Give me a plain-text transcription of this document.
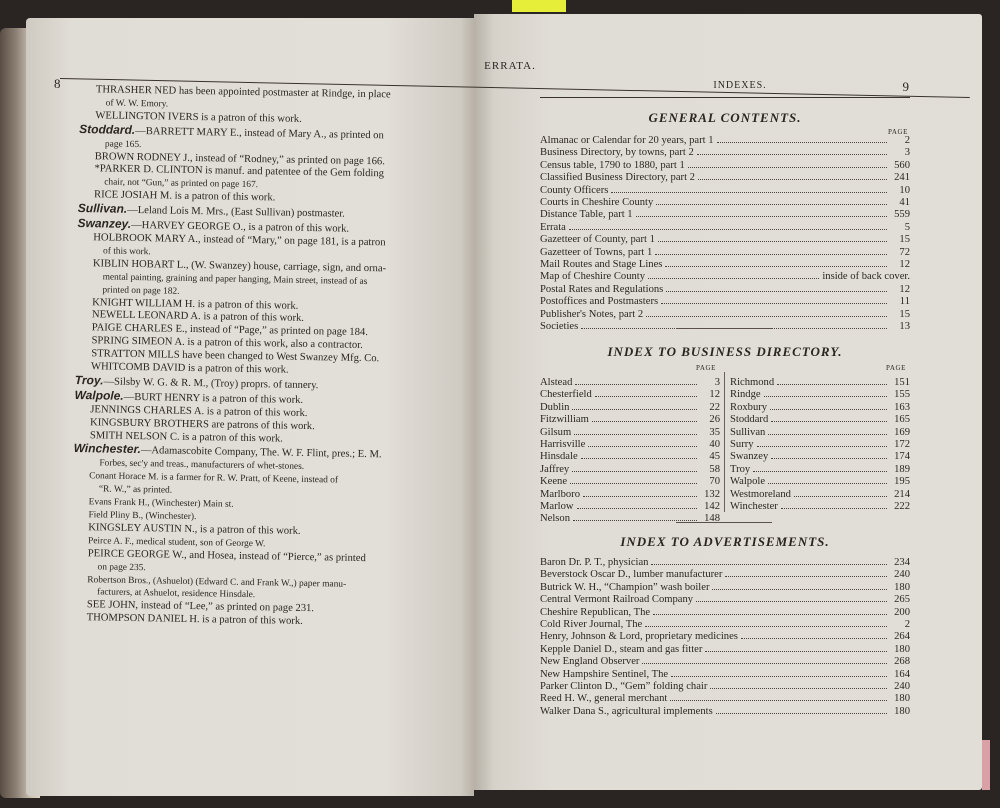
8
ERRATA.
THRASHER NED has been appointed postmaster at Rindge, in place
of W. W. Emory.
WELLINGTON IVERS is a patron of this work.
Stoddard.—BARRETT MARY E., instead of Mary A., as printed on
page 165.
BROWN RODNEY J., instead of “Rodney,” as printed on page 166.
*PARKER D. CLINTON is manuf. and patentee of the Gem folding
chair, not “Gun,” as printed on page 167.
RICE JOSIAH M. is a patron of this work.
Sullivan.—Leland Lois M. Mrs., (East Sullivan) postmaster.
Swanzey.—HARVEY GEORGE O., is a patron of this work.
HOLBROOK MARY A., instead of “Mary,” on page 181, is a patron
of this work.
KIBLIN HOBART L., (W. Swanzey) house, carriage, sign, and orna-
mental painting, graining and paper hanging, Main street, instead of as
printed on page 182.
KNIGHT WILLIAM H. is a patron of this work.
NEWELL LEONARD A. is a patron of this work.
PAIGE CHARLES E., instead of “Page,” as printed on page 184.
SPRING SIMEON A. is a patron of this work, also a contractor.
STRATTON MILLS have been changed to West Swanzey Mfg. Co.
WHITCOMB DAVID is a patron of this work.
Troy.—Silsby W. G. & R. M., (Troy) proprs. of tannery.
Walpole.—BURT HENRY is a patron of this work.
JENNINGS CHARLES A. is a patron of this work.
KINGSBURY BROTHERS are patrons of this work.
SMITH NELSON C. is a patron of this work.
Winchester.—Adamascobite Company, The. W. F. Flint, pres.; E. M.
Forbes, sec'y and treas., manufacturers of whet-stones.
Conant Horace M. is a farmer for R. W. Pratt, of Keene, instead of
“R. W.,” as printed.
Evans Frank H., (Winchester) Main st.
Field Pliny B., (Winchester).
KINGSLEY AUSTIN N., is a patron of this work.
Peirce A. F., medical student, son of George W.
PEIRCE GEORGE W., and Hosea, instead of “Pierce,” as printed
on page 235.
Robertson Bros., (Ashuelot) (Edward C. and Frank W.,) paper manu-
facturers, at Ashuelot, residence Hinsdale.
SEE JOHN, instead of “Lee,” as printed on page 231.
THOMPSON DANIEL H. is a patron of this work.
INDEXES.	9
GENERAL CONTENTS.
PAGE
Almanac or Calendar for 20 years, part 1	2
Business Directory, by towns, part 2	3
Census table, 1790 to 1880, part 1	560
Classified Business Directory, part 2	241
County Officers	10
Courts in Cheshire County	41
Distance Table, part 1	559
Errata	5
Gazetteer of County, part 1	15
Gazetteer of Towns, part 1	72
Mail Routes and Stage Lines	12
Map of Cheshire County	inside of back cover.
Postal Rates and Regulations	12
Postoffices and Postmasters	11
Publisher's Notes, part 2	15
Societies	13
INDEX TO BUSINESS DIRECTORY.
PAGE	PAGE
Alstead	3
Chesterfield	12
Dublin	22
Fitzwilliam	26
Gilsum	35
Harrisville	40
Hinsdale	45
Jaffrey	58
Keene	70
Marlboro	132
Marlow	142
Nelson	148
Richmond	151
Rindge	155
Roxbury	163
Stoddard	165
Sullivan	169
Surry	172
Swanzey	174
Troy	189
Walpole	195
Westmoreland	214
Winchester	222
INDEX TO ADVERTISEMENTS.
Baron Dr. P. T., physician	234
Beverstock Oscar D., lumber manufacturer	240
Butrick W. H., “Champion” wash boiler	180
Central Vermont Railroad Company	265
Cheshire Republican, The	200
Cold River Journal, The	2
Henry, Johnson & Lord, proprietary medicines	264
Kepple Daniel D., steam and gas fitter	180
New England Observer	268
New Hampshire Sentinel, The	164
Parker Clinton D., “Gem” folding chair	240
Reed H. W., general merchant	180
Walker Dana S., agricultural implements	180
